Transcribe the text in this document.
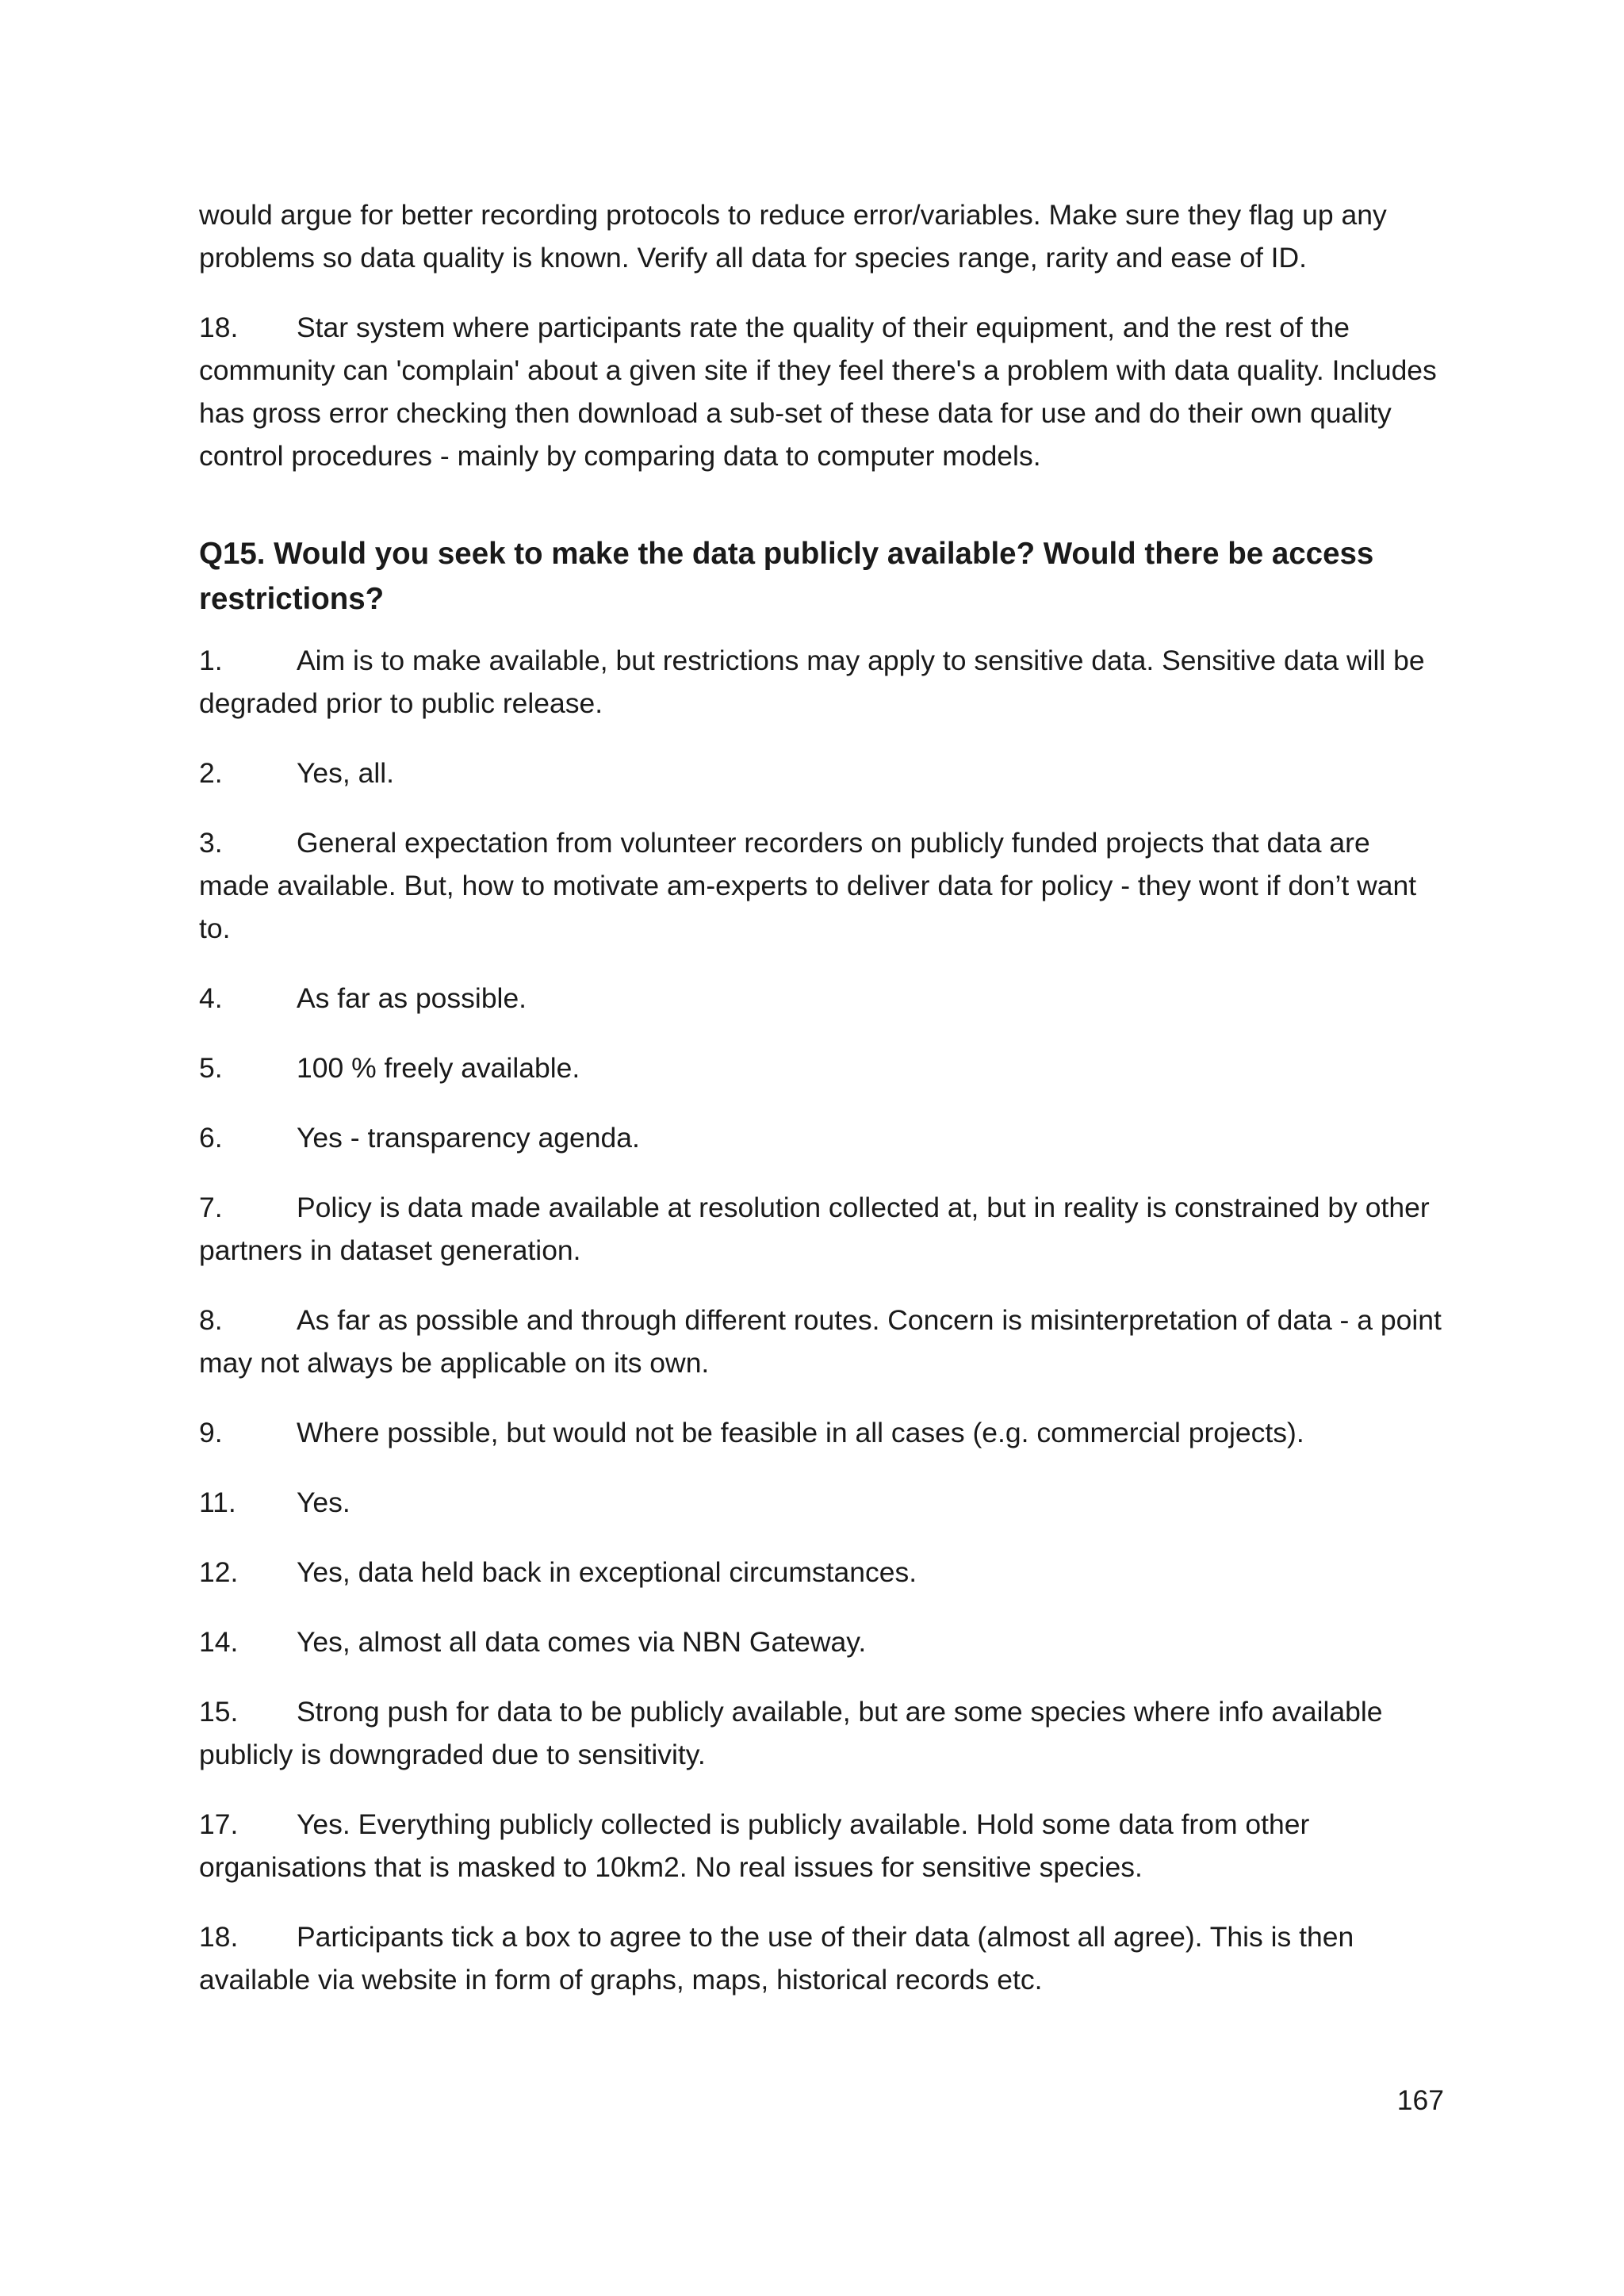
would argue for better recording protocols to reduce error/variables. Make sure they flag up any problems so data quality is known. Verify all data for species range, rarity and ease of ID.

18. Star system where participants rate the quality of their equipment, and the rest of the community can 'complain' about a given site if they feel there's a problem with data quality. Includes has gross error checking then download a sub-set of these data for use and do their own quality control procedures - mainly by comparing data to computer models.

Q15. Would you seek to make the data publicly available? Would there be access restrictions?

1.	Aim is to make available, but restrictions may apply to sensitive data. Sensitive data will be degraded prior to public release.

2.	Yes, all.

3.	General expectation from volunteer recorders on publicly funded projects that data are made available. But, how to motivate am-experts to deliver data for policy - they wont if don’t want to.

4.	As far as possible.

5.	100 % freely available.

6.	Yes - transparency agenda.

7.	Policy is data made available at resolution collected at, but in reality is constrained by other partners in dataset generation.

8.	As far as possible and through different routes. Concern is misinterpretation of data - a point may not always be applicable on its own.

9.	Where possible, but would not be feasible in all cases (e.g. commercial projects).

11. Yes.

12. Yes, data held back in exceptional circumstances.

14. Yes, almost all data comes via NBN Gateway.

15. Strong push for data to be publicly available, but are some species where info available publicly is downgraded due to sensitivity.

17. Yes. Everything publicly collected is publicly available. Hold some data from other organisations that is masked to 10km2. No real issues for sensitive species.

18. Participants tick a box to agree to the use of their data (almost all agree). This is then available via website in form of graphs, maps, historical records etc.

167
